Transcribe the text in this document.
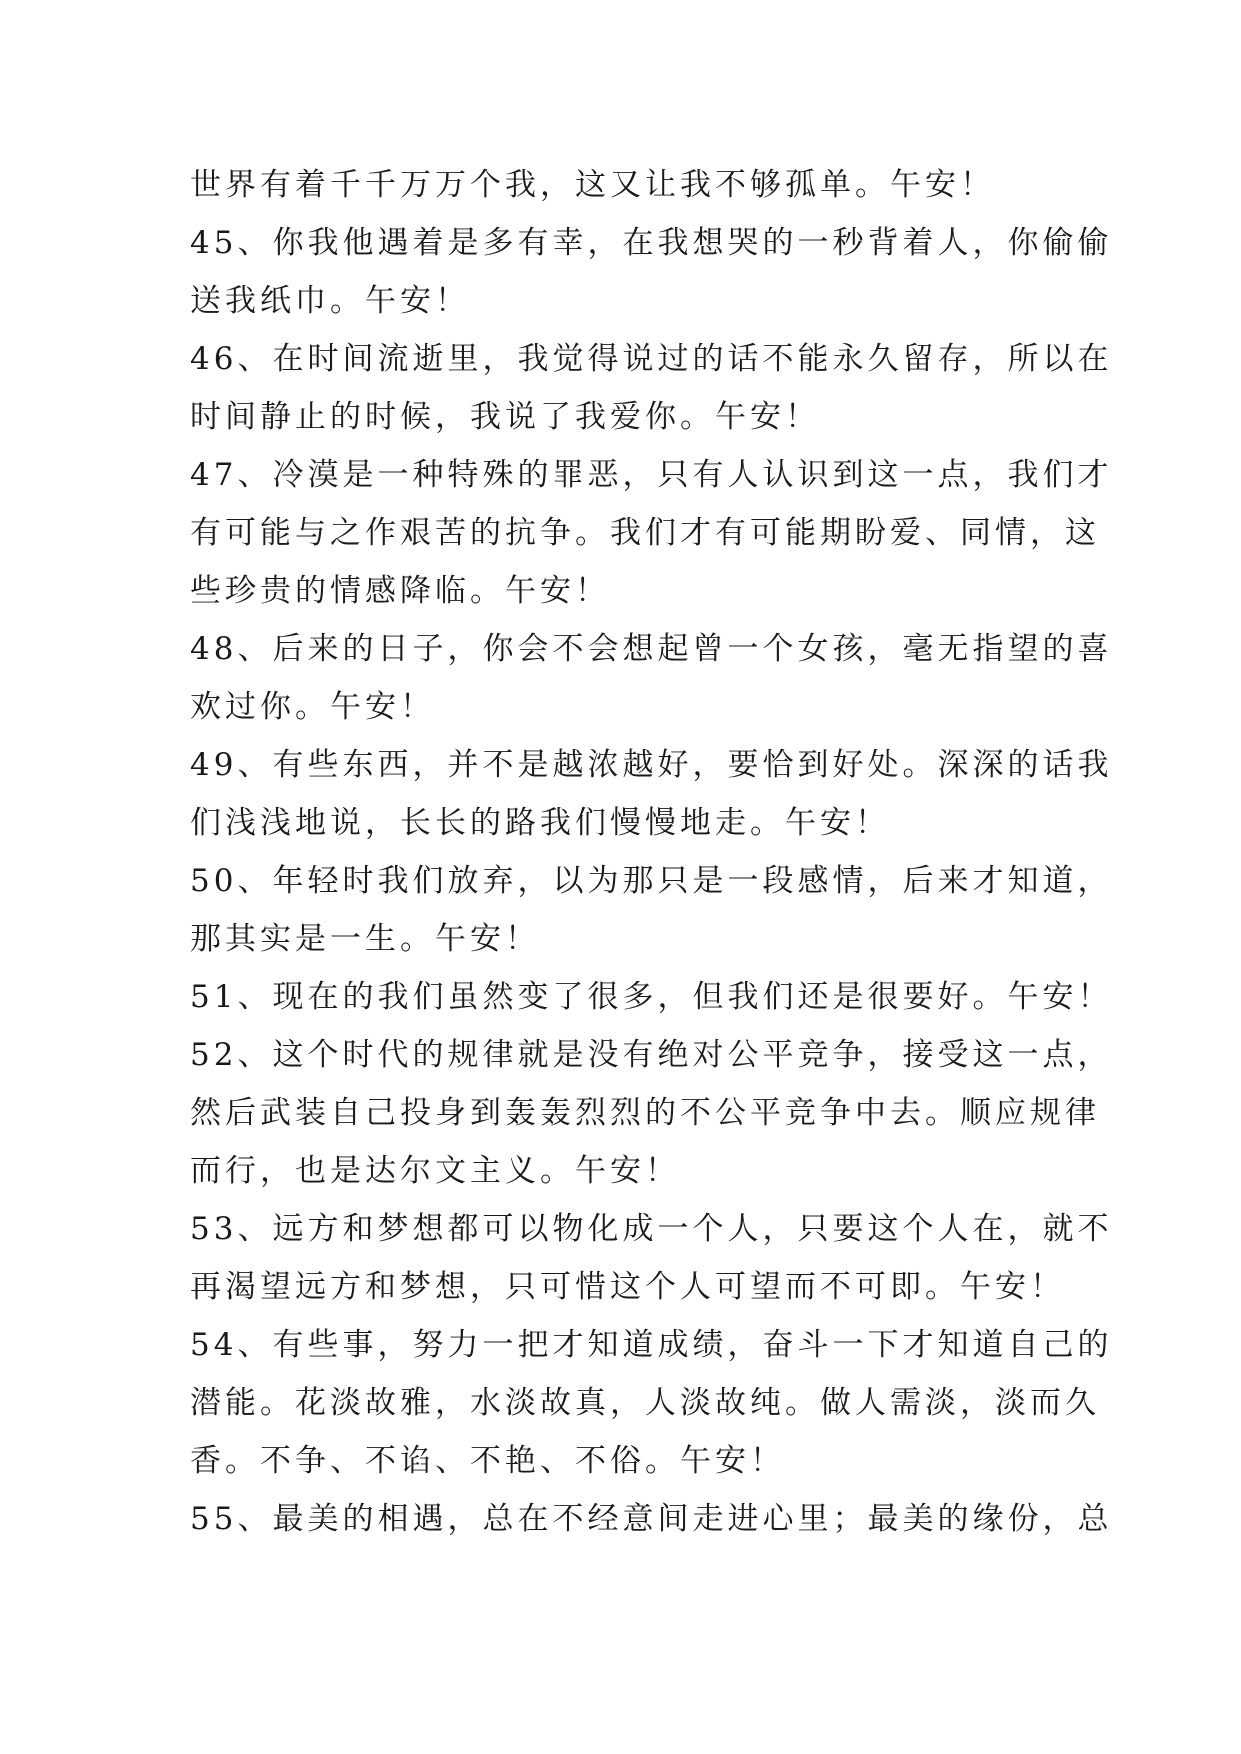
世界有着千千万万个我，这又让我不够孤单。午安！
45、你我他遇着是多有幸，在我想哭的一秒背着人，你偷偷
送我纸巾。午安！
46、在时间流逝里，我觉得说过的话不能永久留存，所以在
时间静止的时候，我说了我爱你。午安！
47、冷漠是一种特殊的罪恶，只有人认识到这一点，我们才
有可能与之作艰苦的抗争。我们才有可能期盼爱、同情，这
些珍贵的情感降临。午安！
48、后来的日子，你会不会想起曾一个女孩，毫无指望的喜
欢过你。午安！
49、有些东西，并不是越浓越好，要恰到好处。深深的话我
们浅浅地说，长长的路我们慢慢地走。午安！
50、年轻时我们放弃，以为那只是一段感情，后来才知道，
那其实是一生。午安！
51、现在的我们虽然变了很多，但我们还是很要好。午安！
52、这个时代的规律就是没有绝对公平竞争，接受这一点，
然后武装自己投身到轰轰烈烈的不公平竞争中去。顺应规律
而行，也是达尔文主义。午安！
53、远方和梦想都可以物化成一个人，只要这个人在，就不
再渴望远方和梦想，只可惜这个人可望而不可即。午安！
54、有些事，努力一把才知道成绩，奋斗一下才知道自己的
潜能。花淡故雅，水淡故真，人淡故纯。做人需淡，淡而久
香。不争、不谄、不艳、不俗。午安！
55、最美的相遇，总在不经意间走进心里；最美的缘份，总
